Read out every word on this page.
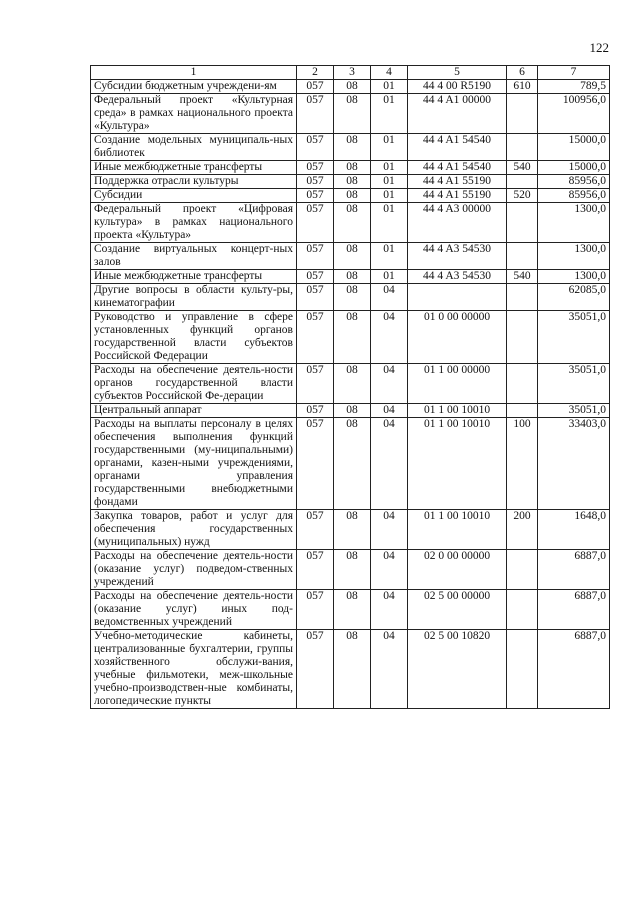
122
1	2	3	4	5	6	7
Субсидии бюджетным учреждени-ям	057	08	01	44 4 00 R5190	610	789,5
Федеральный проект «Культурная среда» в рамках национального проекта «Культура»	057	08	01	44 4 A1 00000		100956,0
Создание модельных муниципаль-ных библиотек	057	08	01	44 4 A1 54540		15000,0
Иные межбюджетные трансферты	057	08	01	44 4 A1 54540	540	15000,0
Поддержка отрасли культуры	057	08	01	44 4 A1 55190		85956,0
Субсидии	057	08	01	44 4 A1 55190	520	85956,0
Федеральный проект «Цифровая культура» в рамках национального проекта «Культура»	057	08	01	44 4 A3 00000		1300,0
Создание виртуальных концерт-ных залов	057	08	01	44 4 A3 54530		1300,0
Иные межбюджетные трансферты	057	08	01	44 4 A3 54530	540	1300,0
Другие вопросы в области культу-ры, кинематографии	057	08	04			62085,0
Руководство и управление в сфере установленных функций органов государственной власти субъектов Российской Федерации	057	08	04	01 0 00 00000		35051,0
Расходы на обеспечение деятель-ности органов государственной власти субъектов Российской Фе-дерации	057	08	04	01 1 00 00000		35051,0
Центральный аппарат	057	08	04	01 1 00 10010		35051,0
Расходы на выплаты персоналу в целях обеспечения выполнения функций государственными (му-ниципальными) органами, казен-ными учреждениями, органами управления государственными внебюджетными фондами	057	08	04	01 1 00 10010	100	33403,0
Закупка товаров, работ и услуг для обеспечения государственных (муниципальных) нужд	057	08	04	01 1 00 10010	200	1648,0
Расходы на обеспечение деятель-ности (оказание услуг) подведом-ственных учреждений	057	08	04	02 0 00 00000		6887,0
Расходы на обеспечение деятель-ности (оказание услуг) иных под-ведомственных учреждений	057	08	04	02 5 00 00000		6887,0
Учебно-методические кабинеты, централизованные бухгалтерии, группы хозяйственного обслужи-вания, учебные фильмотеки, меж-школьные учебно-производствен-ные комбинаты, логопедические пункты	057	08	04	02 5 00 10820		6887,0
